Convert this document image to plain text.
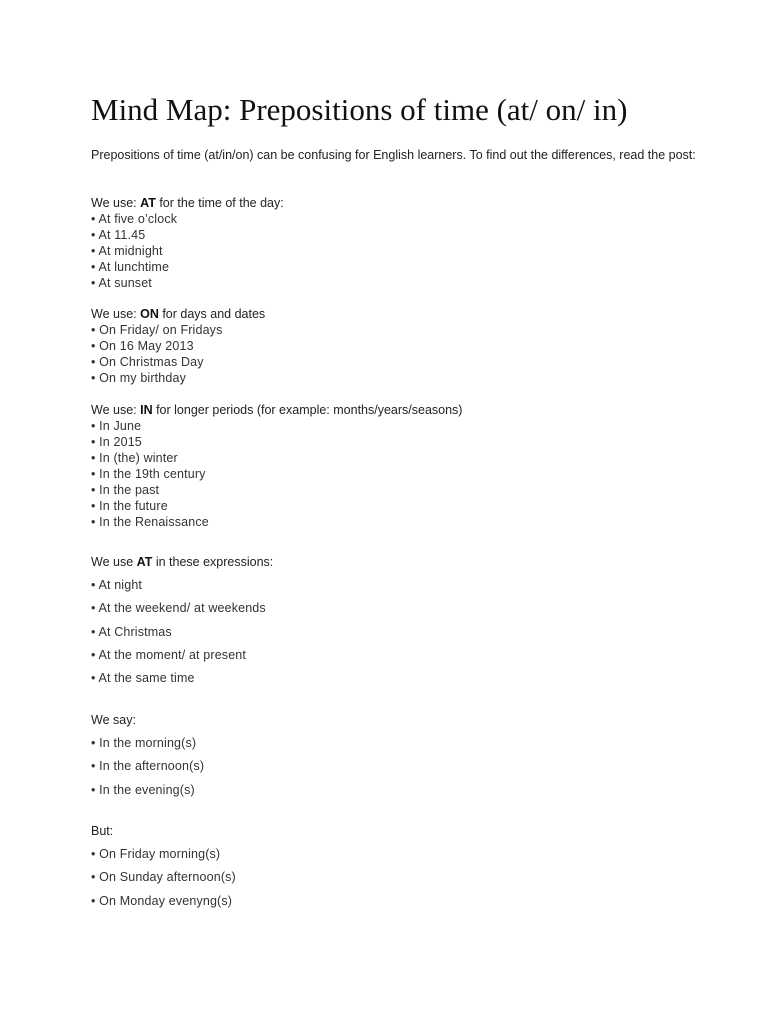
Mind Map: Prepositions of time (at/ on/ in)

Prepositions of time (at/in/on) can be confusing for English learners. To find out the differences, read the post:

We use: AT for the time of the day:
• At five o’clock
• At 11.45
• At midnight
• At lunchtime
• At sunset
We use: ON for days and dates
• On Friday/ on Fridays
• On 16 May 2013
• On Christmas Day
• On my birthday
We use: IN for longer periods (for example: months/years/seasons)
• In June
• In 2015
• In (the) winter
• In the 19th century
• In the past
• In the future
• In the Renaissance
We use AT in these expressions:
• At night
• At the weekend/ at weekends
• At Christmas
• At the moment/ at present
• At the same time
We say:
• In the morning(s)
• In the afternoon(s)
• In the evening(s)
But:
• On Friday morning(s)
• On Sunday afternoon(s)
• On Monday evenyng(s)
